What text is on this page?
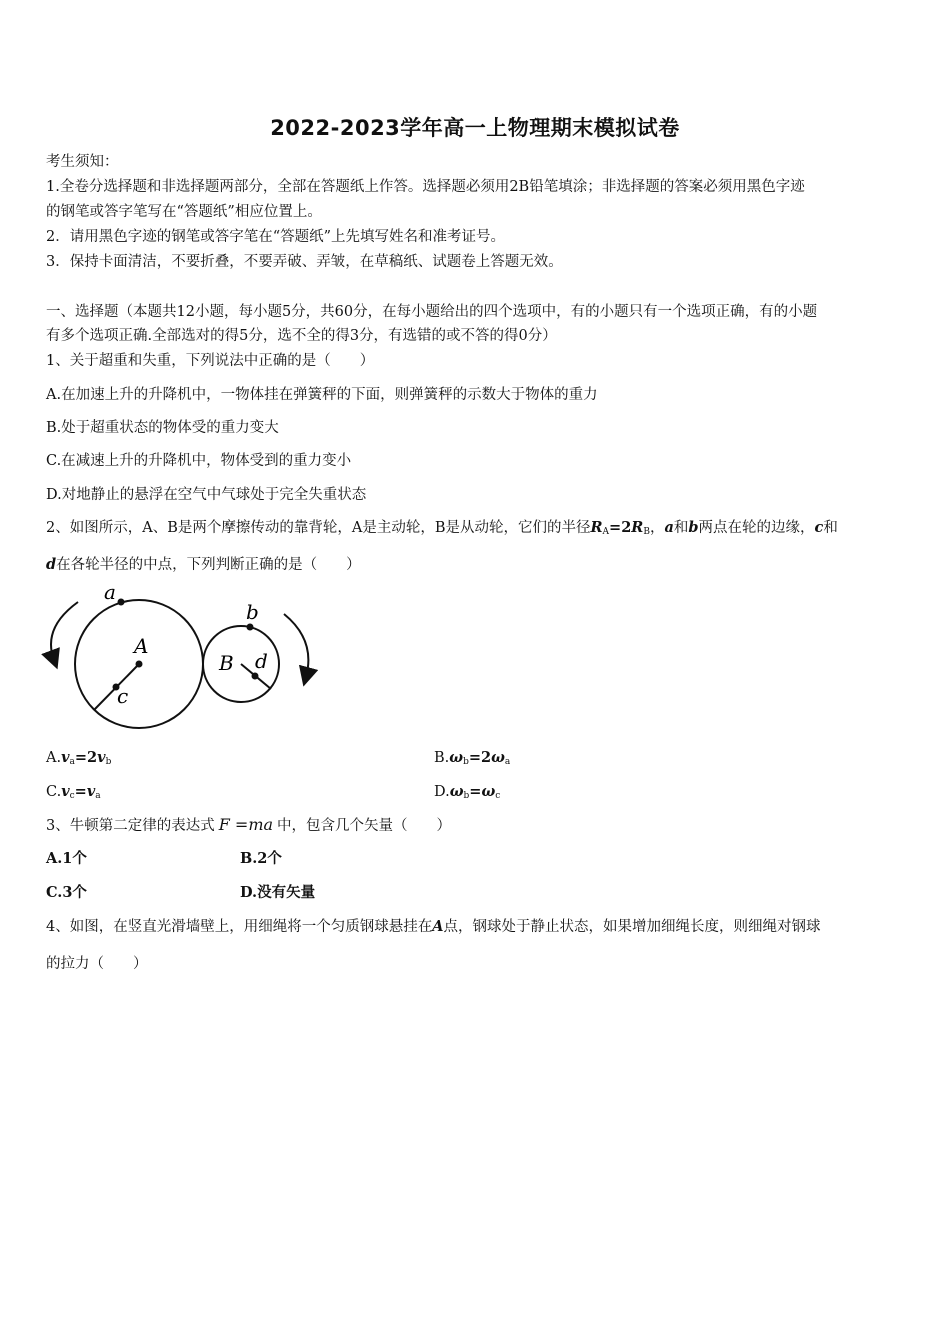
2022-2023学年高一上物理期末模拟试卷
考生须知：
1.全卷分选择题和非选择题两部分，全部在答题纸上作答。选择题必须用2B铅笔填涂；非选择题的答案必须用黑色字迹
的钢笔或答字笔写在“答题纸”相应位置上。
2．请用黑色字迹的钢笔或答字笔在“答题纸”上先填写姓名和准考证号。
3．保持卡面清洁，不要折叠，不要弄破、弄皱，在草稿纸、试题卷上答题无效。
一、选择题（本题共12小题，每小题5分，共60分，在每小题给出的四个选项中，有的小题只有一个选项正确，有的小题
有多个选项正确.全部选对的得5分，选不全的得3分，有选错的或不答的得0分）
1、关于超重和失重，下列说法中正确的是（　　）
A.在加速上升的升降机中，一物体挂在弹簧秤的下面，则弹簧秤的示数大于物体的重力
B.处于超重状态的物体受的重力变大
C.在减速上升的升降机中，物体受到的重力变小
D.对地静止的悬浮在空气中气球处于完全失重状态
2、如图所示，A、B是两个摩擦传动的靠背轮，A是主动轮，B是从动轮，它们的半径$R_A=2R_B$，a和b两点在轮的边缘，c和
d在各轮半径的中点，下列判断正确的是（　　）
a
A
c
b
B d
$A.v_a=2v_b$	$B.\omega_b=2\omega_a$
$C.v_c=v_a$	$D.\omega_b=\omega_c$
3、牛顿第二定律的表达式 F =ma 中，包含几个矢量（　　）
A.1个	B.2个
C.3个	D.没有矢量
4、如图，在竖直光滑墙壁上，用细绳将一个匀质钢球悬挂在A点，钢球处于静止状态，如果增加细绳长度，则细绳对钢球
的拉力（　　）
